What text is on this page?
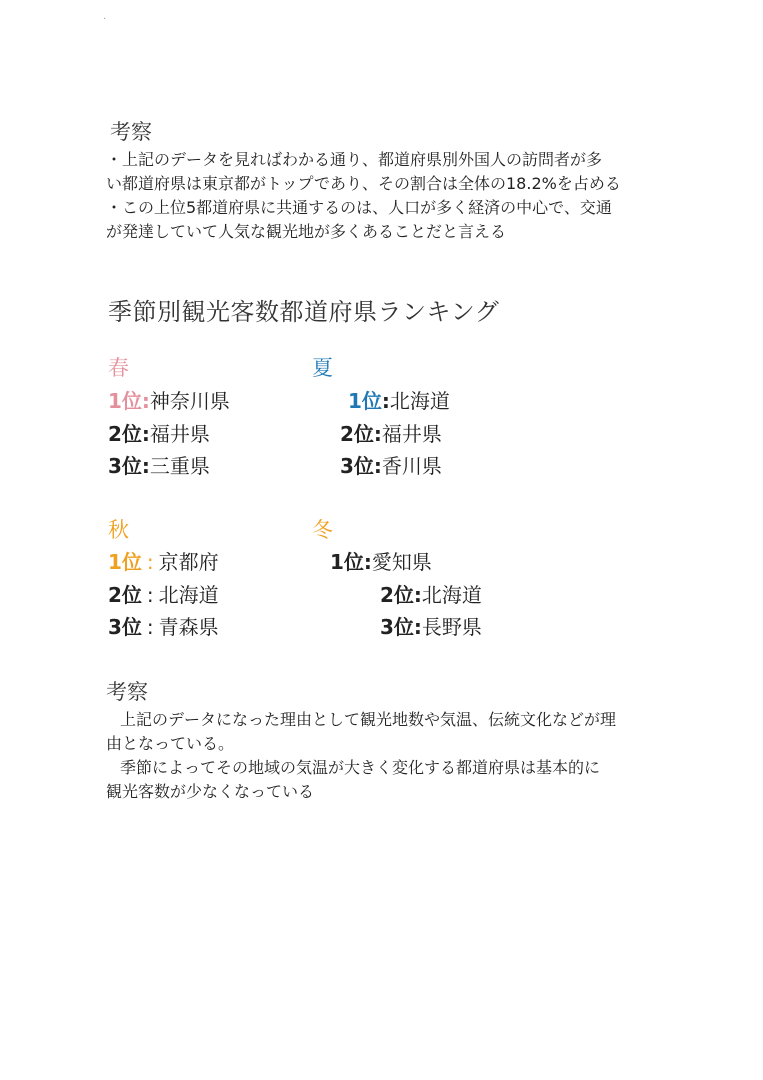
·
考察
・上記のデータを見ればわかる通り、都道府県別外国人の訪問者が多
い都道府県は東京都がトップであり、その割合は全体の18.2%を占める
・この上位5都道府県に共通するのは、人口が多く経済の中心で、交通
が発達していて人気な観光地が多くあることだと言える
季節別観光客数都道府県ランキング
春
1位:神奈川県
2位:福井県
3位:三重県
夏
1位:北海道
2位:福井県
3位:香川県
秋
1位 : 京都府
2位 : 北海道
3位 : 青森県
冬
1位:愛知県
2位:北海道
3位:長野県
考察
上記のデータになった理由として観光地数や気温、伝統文化などが理
由となっている。
季節によってその地域の気温が大きく変化する都道府県は基本的に
観光客数が少なくなっている
